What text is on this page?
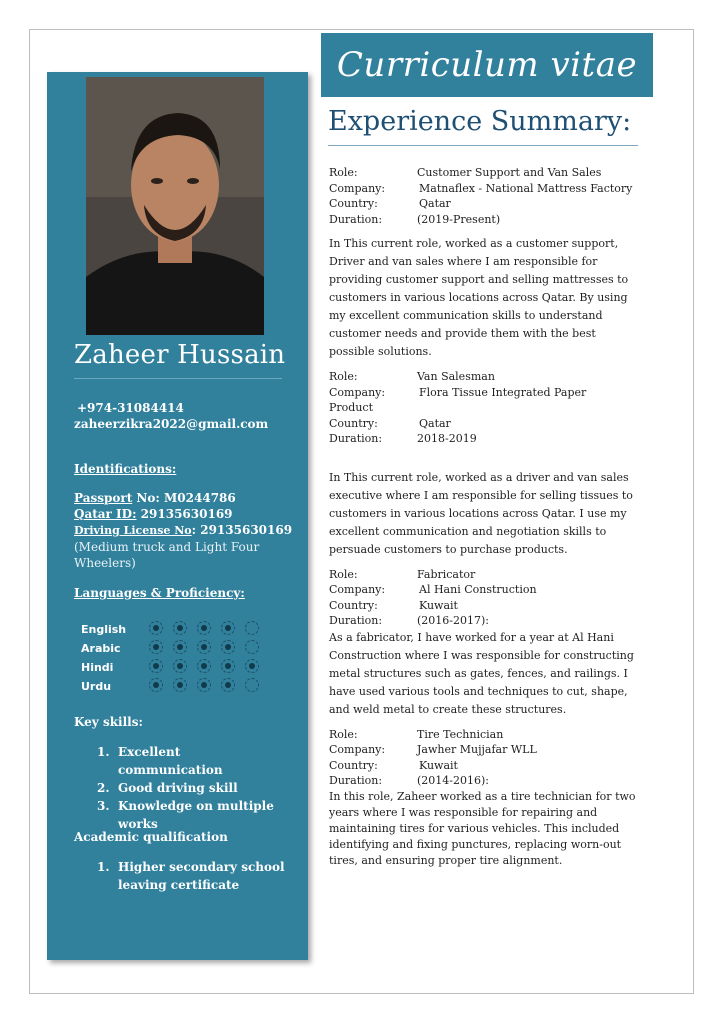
Zaheer Hussain
+974-31084414
zaheerzikra2022@gmail.com
Identifications:
Passport No: M0244786
Qatar ID: 29135630169
Driving License No: 29135630169
(Medium truck and Light Four Wheelers)
Languages & Proficiency:
English
Arabic
Hindi
Urdu
Key skills:
1. Excellent communication
2. Good driving skill
3. Knowledge on multiple works
Academic qualification
1. Higher secondary school leaving certificate
Curriculum vitae
Experience Summary:
Role:	Customer Support and Van Sales
Company:	Matnaflex - National Mattress Factory
Country:	Qatar
Duration:	(2019-Present)

In This current role, worked as a customer support, Driver and van sales where I am responsible for providing customer support and selling mattresses to customers in various locations across Qatar. By using my excellent communication skills to understand customer needs and provide them with the best possible solutions.

Role:	Van Salesman
Company:	Flora Tissue Integrated Paper
Product
Country:	Qatar
Duration:	2018-2019

In This current role, worked as a driver and van sales executive where I am responsible for selling tissues to customers in various locations across Qatar. I use my excellent communication and negotiation skills to persuade customers to purchase products.

Role:	Fabricator
Company:	Al Hani Construction
Country:	Kuwait
Duration:	(2016-2017):

As a fabricator, I have worked for a year at Al Hani Construction where I was responsible for constructing metal structures such as gates, fences, and railings. I have used various tools and techniques to cut, shape, and weld metal to create these structures.

Role:	Tire Technician
Company:	Jawher Mujjafar WLL
Country:	Kuwait
Duration:	(2014-2016):

In this role, Zaheer worked as a tire technician for two years where I was responsible for repairing and maintaining tires for various vehicles. This included identifying and fixing punctures, replacing worn-out tires, and ensuring proper tire alignment.
